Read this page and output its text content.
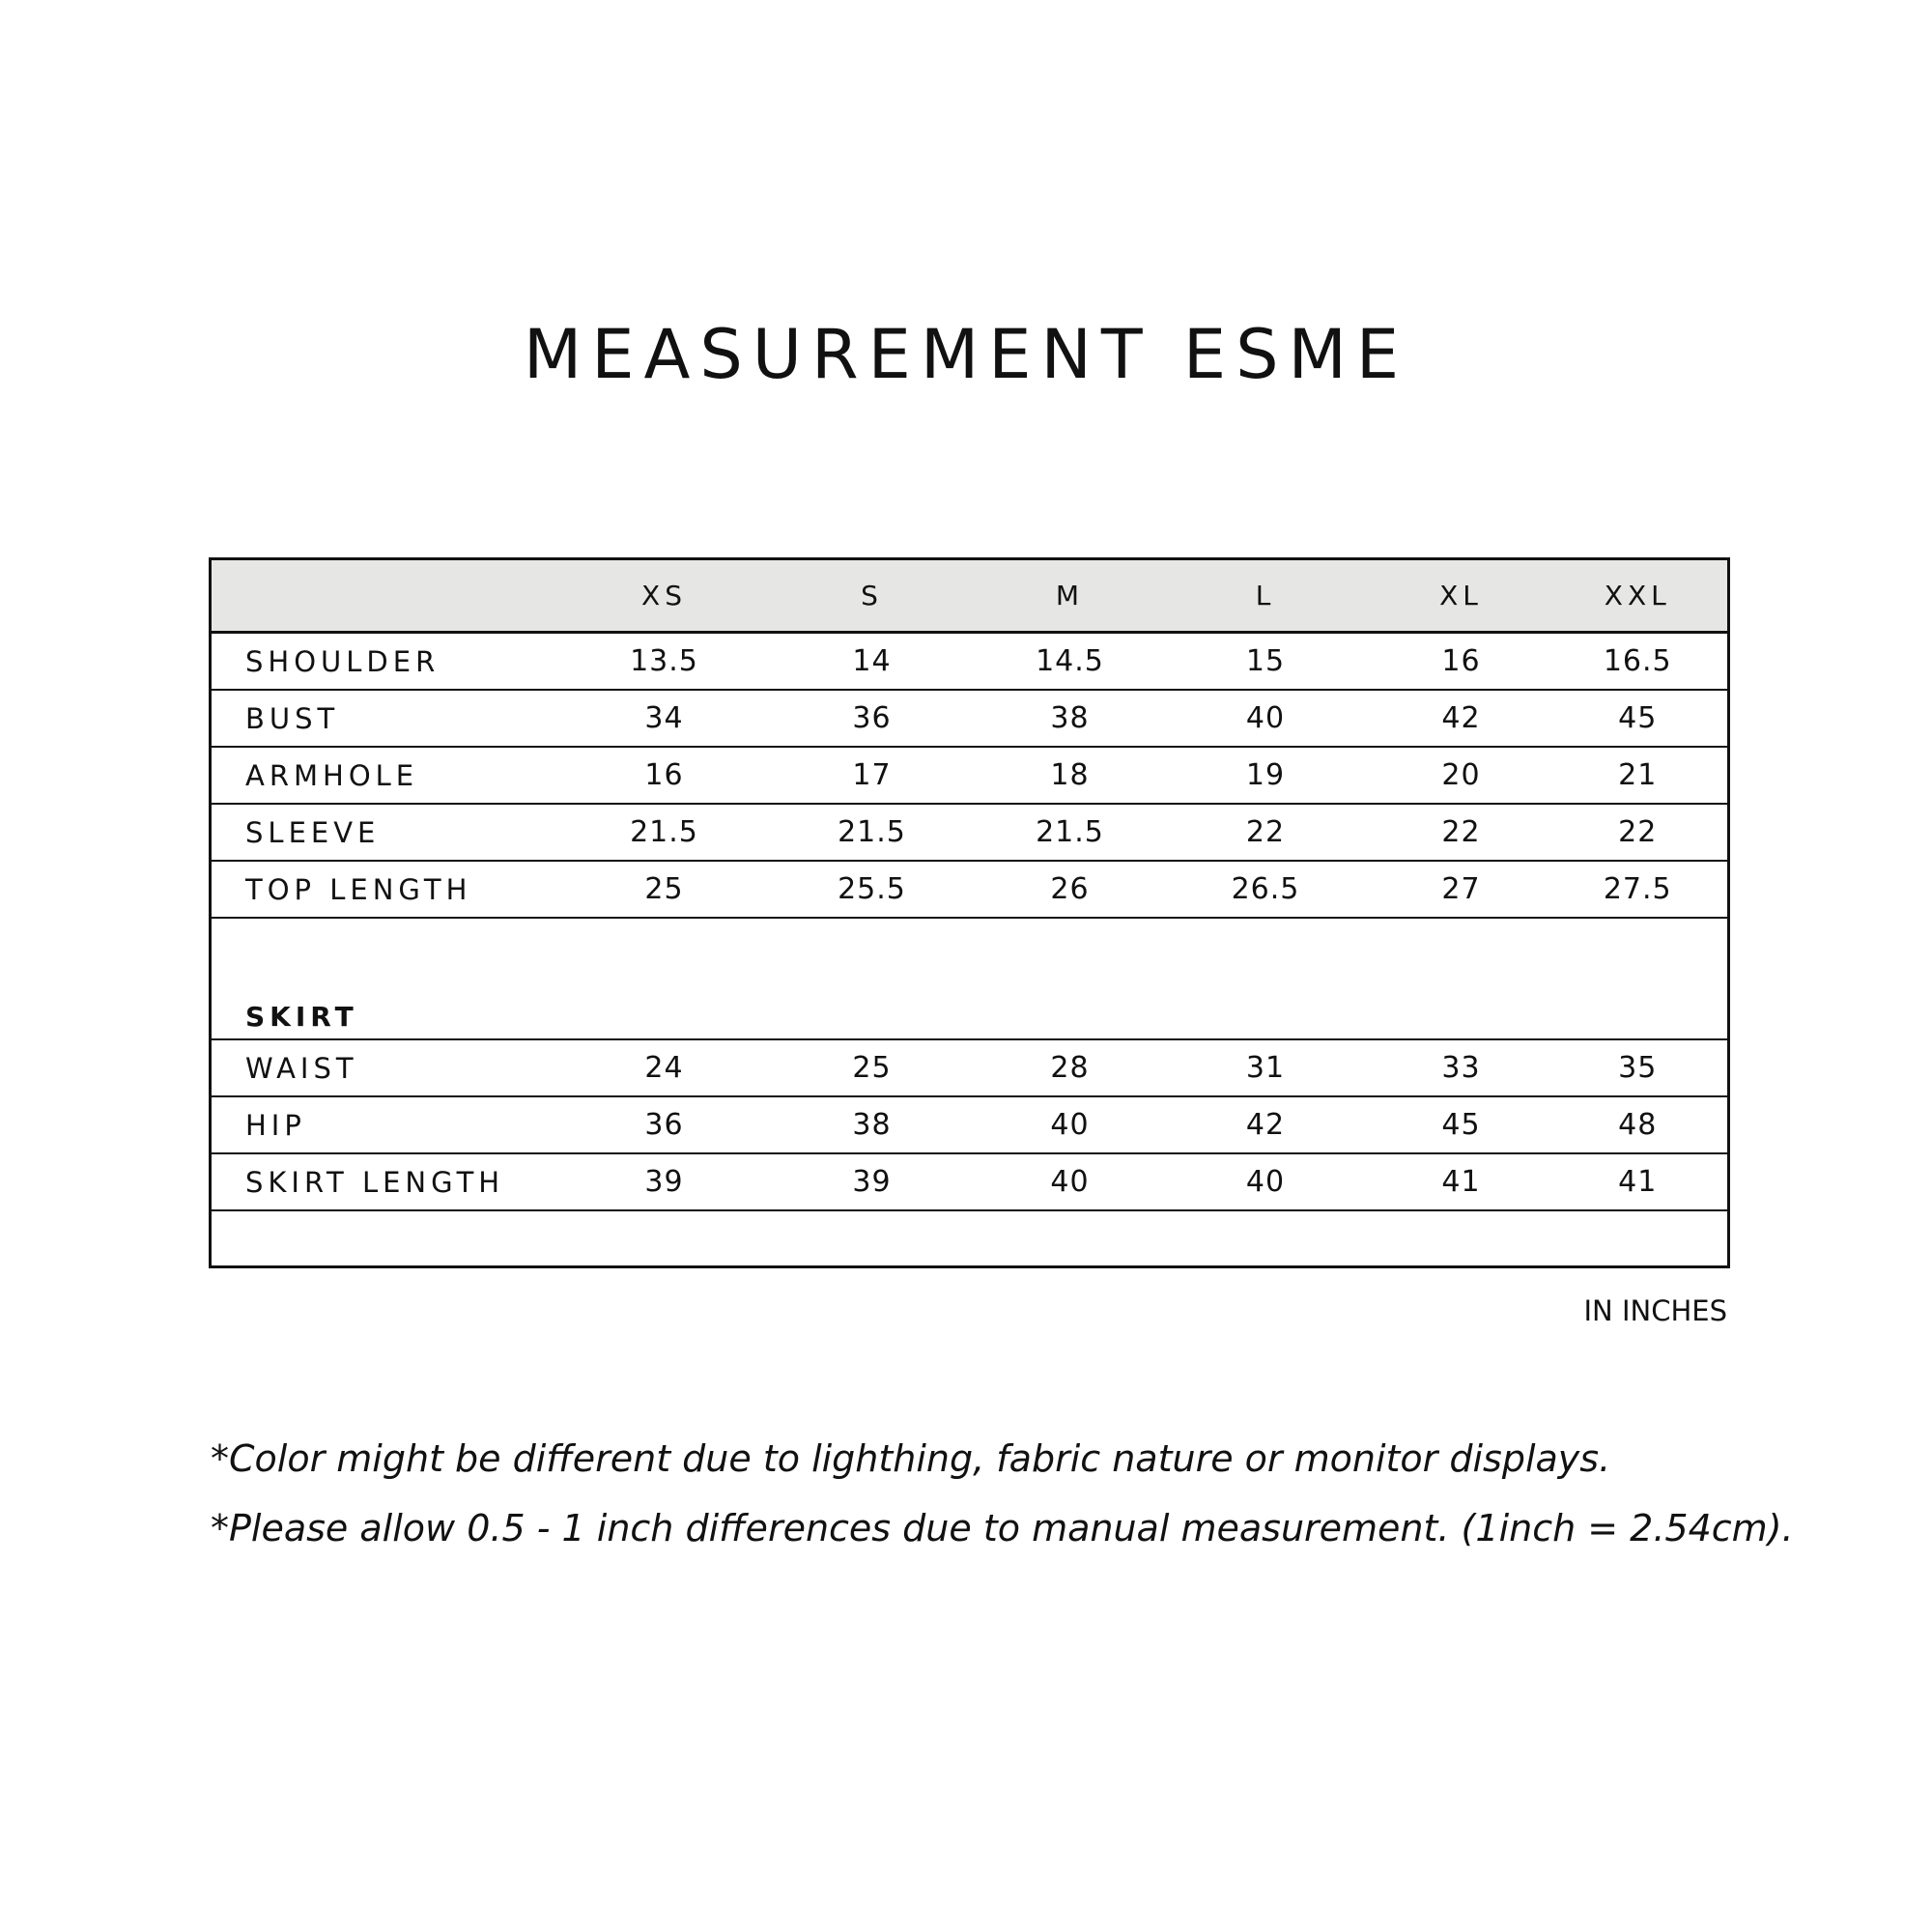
MEASUREMENT ESME
	XS	S	M	L	XL	XXL
SHOULDER	13.5	14	14.5	15	16	16.5
BUST	34	36	38	40	42	45
ARMHOLE	16	17	18	19	20	21
SLEEVE	21.5	21.5	21.5	22	22	22
TOP LENGTH	25	25.5	26	26.5	27	27.5
SKIRT						
WAIST	24	25	28	31	33	35
HIP	36	38	40	42	45	48
SKIRT LENGTH	39	39	40	40	41	41

IN INCHES
*Color might be different due to lighthing, fabric nature or monitor displays.
*Please allow 0.5 - 1 inch differences due to manual measurement. (1inch = 2.54cm).
